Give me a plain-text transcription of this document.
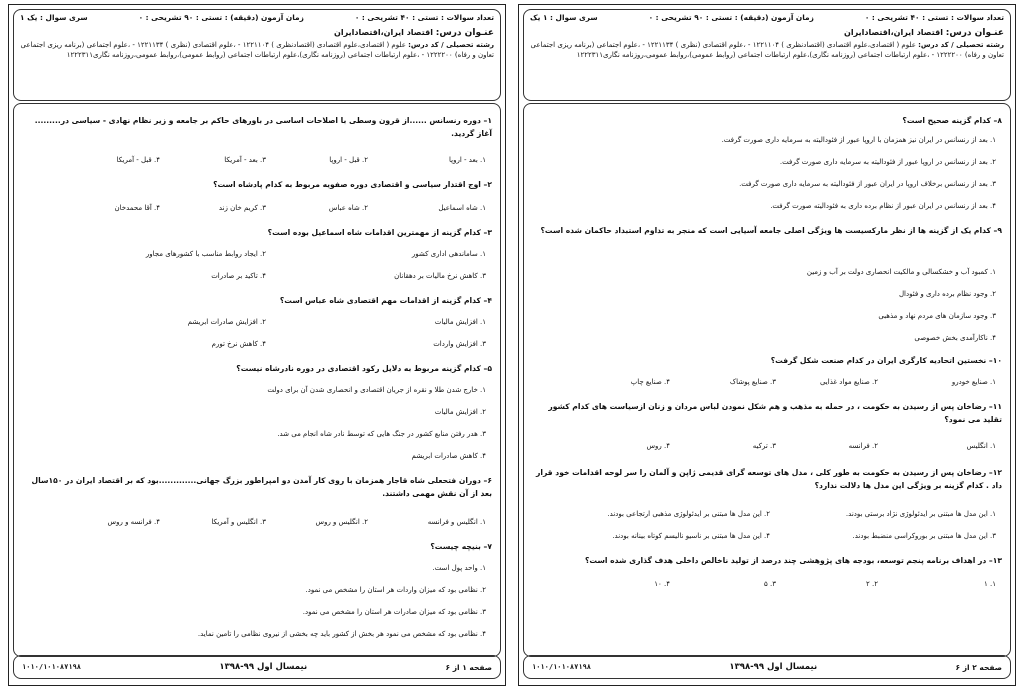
تعداد سوالات : تستی : ۴۰ تشریحی : ۰
زمان آزمون (دقیقه) : تستی : ۹۰ تشریحی : ۰
سری سوال : ۱ یک
عنـوان درس: اقتصاد ایران،اقتصادایران
رشته تحصیلی / کد درس: علوم ( اقتصادی،علوم اقتصادی (اقتصادنظری ) ۱۲۲۱۱۰۴ - ،علوم اقتصادی (نظری ) ۱۲۲۱۱۳۴ - ،علوم اجتماعی (برنامه ریزی اجتماعی تعاون و رفاه) ۱۲۲۲۲۰۰ - ،علوم ارتباطات اجتماعی (روزنامه نگاری)،علوم ارتباطات اجتماعی (روابط عمومی)،روابط عمومی،روزنامه نگاری۱۲۲۲۳۱۱
۸– کدام گزینه صحیح است؟
۱. بعد از رنسانس در ایران نیز همزمان با اروپا عبور از فئودالیته به سرمایه داری صورت گرفت.
۲. بعد از رنسانس در اروپا عبور از فئودالیته به سرمایه داری صورت گرفت.
۳. بعد از رنسانس برخلاف اروپا در ایران عبور از فئودالیته به سرمایه داری صورت گرفت.
۴. بعد از رنسانس در ایران عبور از نظام برده داری به فئودالیته صورت گرفت.
۹– کدام یک از گزینه ها از نظر مارکسیست ها ویژگی اصلی جامعه آسیایی است که منجر به تداوم استبداد حاکمان شده است؟
۱. کمبود آب و خشکسالی و مالکیت انحصاری دولت بر آب و زمین
۲. وجود نظام برده داری و فئودال
۳. وجود سازمان های مردم نهاد و مذهبی
۴. ناکارآمدی بخش خصوصی
۱۰– نخستین اتحادیه کارگری ایران در کدام صنعت شکل گرفت؟
۱. صنایع خودرو
۲. صنایع مواد غذایی
۳. صنایع پوشاک
۴. صنایع چاپ
۱۱– رضاخان پس از رسیدن به حکومت ، در حمله به مذهب و هم شکل نمودن لباس مردان و زنان ازسیاست های کدام کشور تقلید می نمود؟
۱. انگلیس
۲. فرانسه
۳. ترکیه
۴. روس
۱۲– رضاخان پس از رسیدن به حکومت به طور کلی ، مدل های توسعه گرای قدیمی ژاپن و آلمان را سر لوحه اقدامات خود قرار داد . کدام گزینه بر ویژگی این مدل ها دلالت ندارد؟
۱. این مدل ها مبتنی بر ایدئولوژی نژاد برستی بودند.
۲. این مدل ها مبتنی بر ایدئولوژی مذهبی ارتجاعی بودند.
۳. این مدل ها مبتنی بر بوروکراسی منضبط بودند.
۴. این مدل ها مبتنی بر ناسیو نالیسم کوتاه بینانه بودند.
۱۳– در اهداف برنامه پنجم توسعه، بودجه های پژوهشی چند درصد از تولید ناخالص داخلی هدف گذاری شده است؟
۱. ۱
۲. ۲
۳. ۵
۴. ۱۰
صفحه ۲ از ۶
نیمسال اول ۹۹-۱۳۹۸
۱۰۱۰/۱۰۱۰۸۷۱۹۸
تعداد سوالات : تستی : ۴۰ تشریحی : ۰
زمان آزمون (دقیقه) : تستی : ۹۰ تشریحی : ۰
سری سوال : یک ۱
عنـوان درس: اقتصاد ایران،اقتصادایران
رشته تحصیلی / کد درس: علوم ( اقتصادی،علوم اقتصادی (اقتصادنظری ) ۱۲۲۱۱۰۴ - ،علوم اقتصادی (نظری ) ۱۲۲۱۱۳۴ - ،علوم اجتماعی (برنامه ریزی اجتماعی تعاون و رفاه) ۱۲۲۲۲۰۰ - ،علوم ارتباطات اجتماعی (روزنامه نگاری)،علوم ارتباطات اجتماعی (روابط عمومی)،روابط عمومی،روزنامه نگاری۱۲۲۲۳۱۱
۱– دوره رنسانس ......از قرون وسطی با اصلاحات اساسی در باورهای حاکم بر جامعه و زیر نظام نهادی - سیاسی در......... آغاز گردید.
۱. بعد - اروپا
۲. قبل - اروپا
۳. بعد - آمریکا
۴. قبل - آمریکا
۲– اوج اقتدار سیاسی و اقتصادی دوره صفویه مربوط به کدام پادشاه است؟
۱. شاه اسماعیل
۲. شاه عباس
۳. کریم خان زند
۴. آقا محمدخان
۳– کدام گزینه از مهمترین اقدامات شاه اسماعیل بوده است؟
۱. ساماندهی اداری کشور
۲. ایجاد روابط مناسب با کشورهای مجاور
۳. کاهش نرخ مالیات بر دهقانان
۴. تاکید بر صادرات
۴– کدام گزینه از اقدامات مهم اقتصادی شاه عباس است؟
۱. افزایش مالیات
۲. افزایش صادرات ابریشم
۳. افزایش واردات
۴. کاهش نرخ تورم
۵– کدام گزینه مربوط به دلایل رکود اقتصادی در دوره نادرشاه نیست؟
۱. خارج شدن طلا و نقره از جریان اقتصادی و انحصاری شدن آن برای دولت
۲. افزایش مالیات
۳. هدر رفتن منابع کشور در جنگ هایی که توسط نادر شاه انجام می شد.
۴. کاهش صادرات ابریشم
۶– دوران فتحعلی شاه قاجار همزمان با روی کار آمدن دو امپراطور بزرگ جهانی.............بود که بر اقتصاد ایران در ۱۵۰سال بعد از آن نقش مهمی داشتند.
۱. انگلیس و فرانسه
۲. انگلیس و روس
۳. انگلیس و آمریکا
۴. فرانسه و روس
۷– بنیچه چیست؟
۱. واحد پول است.
۲. نظامی بود که میزان واردات هر استان را مشخص می نمود.
۳. نظامی بود که میزان صادرات هر استان را مشخص می نمود.
۴. نظامی بود که مشخص می نمود هر بخش از کشور باید چه بخشی از نیروی نظامی را تامین نماید.
صفحه ۱ از ۶
نیمسال اول ۹۹-۱۳۹۸
۱۰۱۰/۱۰۱۰۸۷۱۹۸
